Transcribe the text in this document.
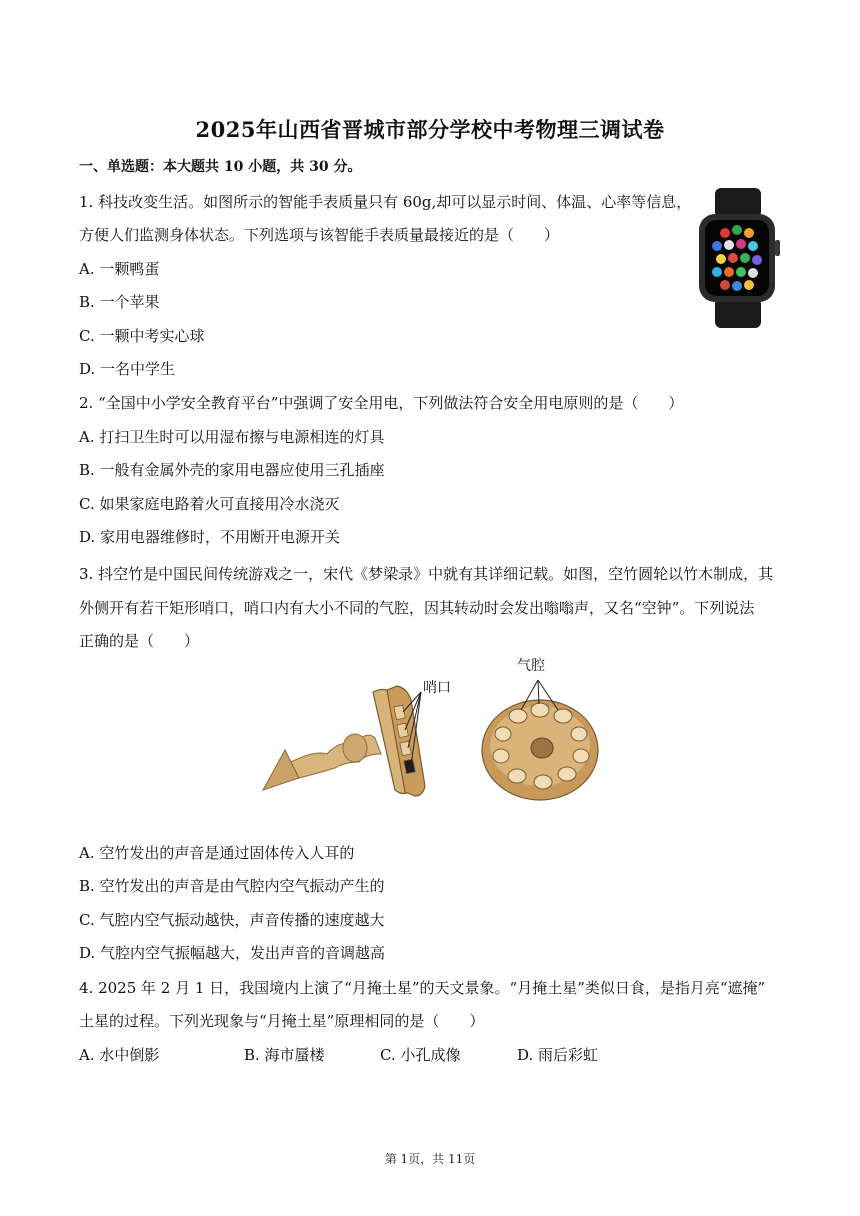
2025年山西省晋城市部分学校中考物理三调试卷
一、单选题：本大题共 10 小题，共 30 分。
1. 科技改变生活。如图所示的智能手表质量只有 60g,却可以显示时间、体温、心率等信息，
方便人们监测身体状态。下列选项与该智能手表质量最接近的是（　　）
A. 一颗鸭蛋
B. 一个苹果
C. 一颗中考实心球
D. 一名中学生
2. “全国中小学安全教育平台”中强调了安全用电，下列做法符合安全用电原则的是（　　）
A. 打扫卫生时可以用湿布擦与电源相连的灯具
B. 一般有金属外壳的家用电器应使用三孔插座
C. 如果家庭电路着火可直接用冷水浇灭
D. 家用电器维修时，不用断开电源开关
3. 抖空竹是中国民间传统游戏之一，宋代《梦梁录》中就有其详细记载。如图，空竹圆轮以竹木制成，其
外侧开有若干矩形哨口，哨口内有大小不同的气腔，因其转动时会发出嗡嗡声，又名“空钟”。下列说法
正确的是（　　）
哨口
气腔
A. 空竹发出的声音是通过固体传入人耳的
B. 空竹发出的声音是由气腔内空气振动产生的
C. 气腔内空气振动越快，声音传播的速度越大
D. 气腔内空气振幅越大，发出声音的音调越高
4. 2025 年 2 月 1 日，我国境内上演了“月掩土星”的天文景象。“月掩土星”类似日食，是指月亮“遮掩”
土星的过程。下列光现象与“月掩土星”原理相同的是（　　）
A. 水中倒影	B. 海市蜃楼	C. 小孔成像	D. 雨后彩虹
第 1页，共 11页
